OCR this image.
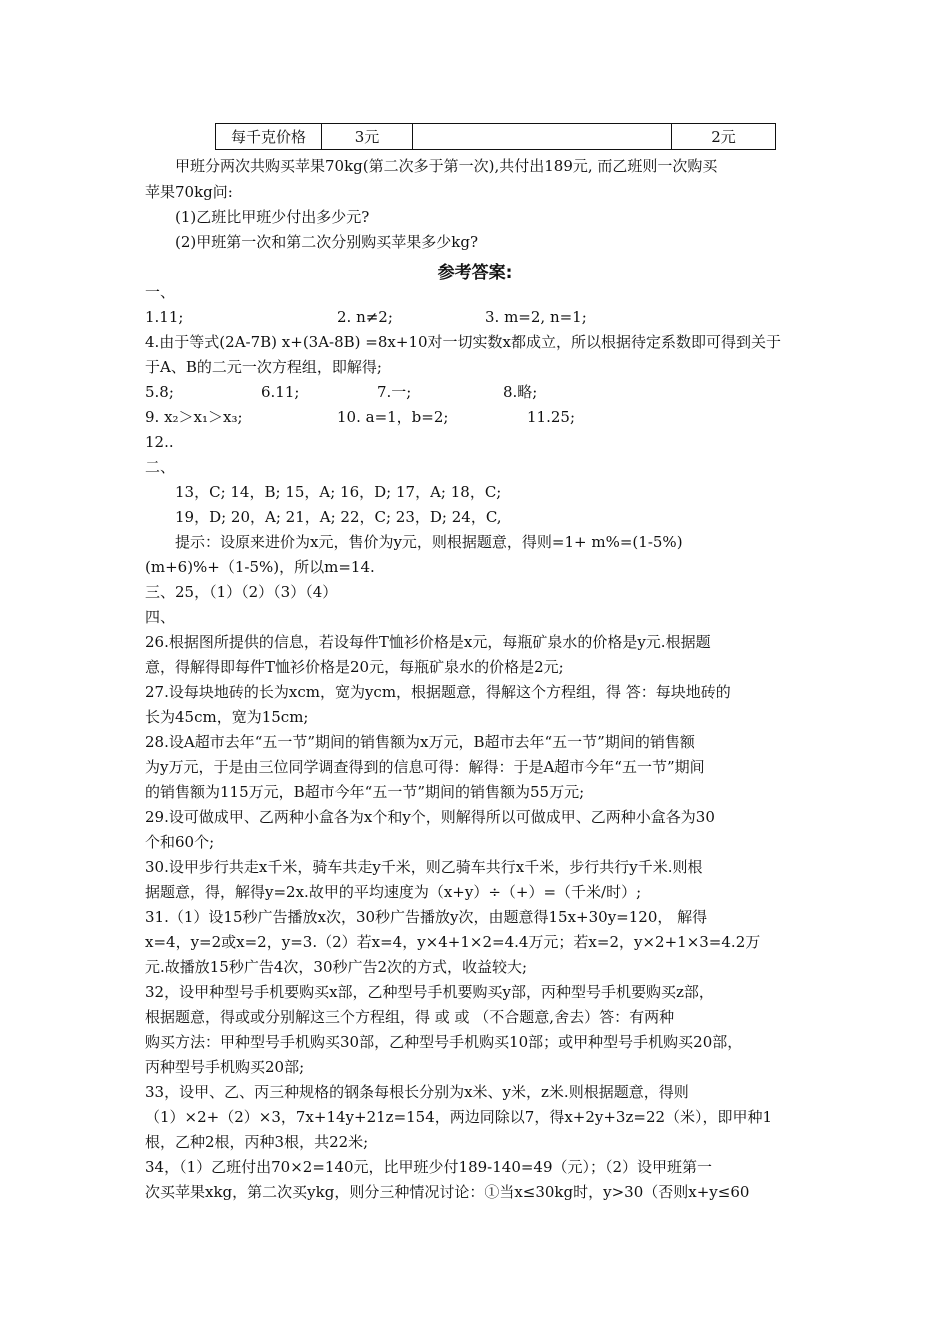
每千克价格	3元		2元
甲班分两次共购买苹果70kg(第二次多于第一次),共付出189元, 而乙班则一次购买
苹果70kg问:
(1)乙班比甲班少付出多少元?
(2)甲班第一次和第二次分别购买苹果多少kg?
参考答案:
一、
1.11;	2. n≠2;	3. m=2, n=1;
4.由于等式(2A-7B) x+(3A-8B) =8x+10对一切实数x都成立，所以根据待定系数即可得到关于
于A、B的二元一次方程组，即解得;
5.8;	6.11;	7.一;	8.略;
9. x₂＞x₁＞x₃;	10. a=1，b=2;	11.25;
12..
二、
13，C; 14，B; 15，A; 16，D; 17，A; 18，C;
19，D; 20，A; 21，A; 22，C; 23，D; 24，C,
提示：设原来进价为x元，售价为y元，则根据题意，得则=1+ m%=(1-5%)
(m+6)%+（1-5%)，所以m=14.
三、25，（1）（2）（3）（4）
四、
26.根据图所提供的信息，若设每件T恤衫价格是x元，每瓶矿泉水的价格是y元.根据题
意，得解得即每件T恤衫价格是20元，每瓶矿泉水的价格是2元;
27.设每块地砖的长为xcm，宽为ycm，根据题意，得解这个方程组，得 答：每块地砖的
长为45cm，宽为15cm;
28.设A超市去年“五一节”期间的销售额为x万元，B超市去年“五一节”期间的销售额
为y万元，于是由三位同学调查得到的信息可得：解得：于是A超市今年“五一节”期间
的销售额为115万元，B超市今年“五一节”期间的销售额为55万元;
29.设可做成甲、乙两种小盒各为x个和y个，则解得所以可做成甲、乙两种小盒各为30
个和60个;
30.设甲步行共走x千米，骑车共走y千米，则乙骑车共行x千米，步行共行y千米.则根
据题意，得，解得y=2x.故甲的平均速度为（x+y）÷（+）=（千米/时）;
31.（1）设15秒广告播放x次，30秒广告播放y次，由题意得15x+30y=120， 解得
x=4，y=2或x=2，y=3.（2）若x=4，y×4+1×2=4.4万元；若x=2，y×2+1×3=4.2万
元.故播放15秒广告4次，30秒广告2次的方式，收益较大;
32，设甲种型号手机要购买x部，乙种型号手机要购买y部，丙种型号手机要购买z部，
根据题意，得或或分别解这三个方程组，得 或 或 （不合题意,舍去）答：有两种
购买方法：甲种型号手机购买30部，乙种型号手机购买10部；或甲种型号手机购买20部，
丙种型号手机购买20部;
33，设甲、乙、丙三种规格的钢条每根长分别为x米、y米，z米.则根据题意，得则
（1）×2+（2）×3，7x+14y+21z=154，两边同除以7，得x+2y+3z=22（米），即甲种1
根，乙种2根，丙种3根，共22米;
34，（1）乙班付出70×2=140元，比甲班少付189-140=49（元）；（2）设甲班第一
次买苹果xkg，第二次买ykg，则分三种情况讨论：①当x≤30kg时，y>30（否则x+y≤60
